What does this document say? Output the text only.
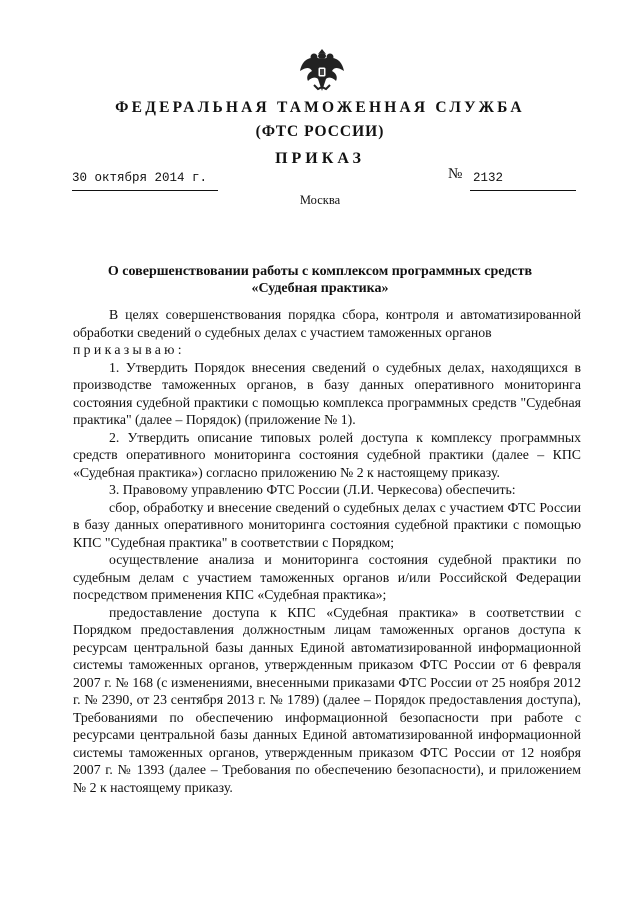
ФЕДЕРАЛЬНАЯ ТАМОЖЕННАЯ СЛУЖБА
(ФТС РОССИИ)
ПРИКАЗ
30 октября 2014 г.	№ 2132
Москва
О совершенствовании работы с комплексом программных средств
«Судебная практика»

В целях совершенствования порядка сбора, контроля и автоматизированной обработки сведений о судебных делах с участием таможенных органов

приказываю:

1. Утвердить Порядок внесения сведений о судебных делах, находящихся в производстве таможенных органов, в базу данных оперативного мониторинга состояния судебной практики с помощью комплекса программных средств "Судебная практика" (далее – Порядок) (приложение № 1).

2. Утвердить описание типовых ролей доступа к комплексу программных средств оперативного мониторинга состояния судебной практики (далее – КПС «Судебная практика») согласно приложению № 2 к настоящему приказу.

3. Правовому управлению ФТС России (Л.И. Черкесова) обеспечить:

сбор, обработку и внесение сведений о судебных делах с участием ФТС России в базу данных оперативного мониторинга состояния судебной практики с помощью КПС "Судебная практика" в соответствии с Порядком;

осуществление анализа и мониторинга состояния судебной практики по судебным делам с участием таможенных органов и/или Российской Федерации посредством применения КПС «Судебная практика»;

предоставление доступа к КПС «Судебная практика» в соответствии с Порядком предоставления должностным лицам таможенных органов доступа к ресурсам центральной базы данных Единой автоматизированной информационной системы таможенных органов, утвержденным приказом ФТС России от 6 февраля 2007 г. № 168 (с изменениями, внесенными приказами ФТС России от 25 ноября 2012 г. № 2390, от 23 сентября 2013 г. № 1789) (далее – Порядок предоставления доступа), Требованиями по обеспечению информационной безопасности при работе с ресурсами центральной базы данных Единой автоматизированной информационной системы таможенных органов, утвержденным приказом ФТС России от 12 ноября 2007 г. № 1393 (далее – Требования по обеспечению безопасности), и приложением № 2 к настоящему приказу.
